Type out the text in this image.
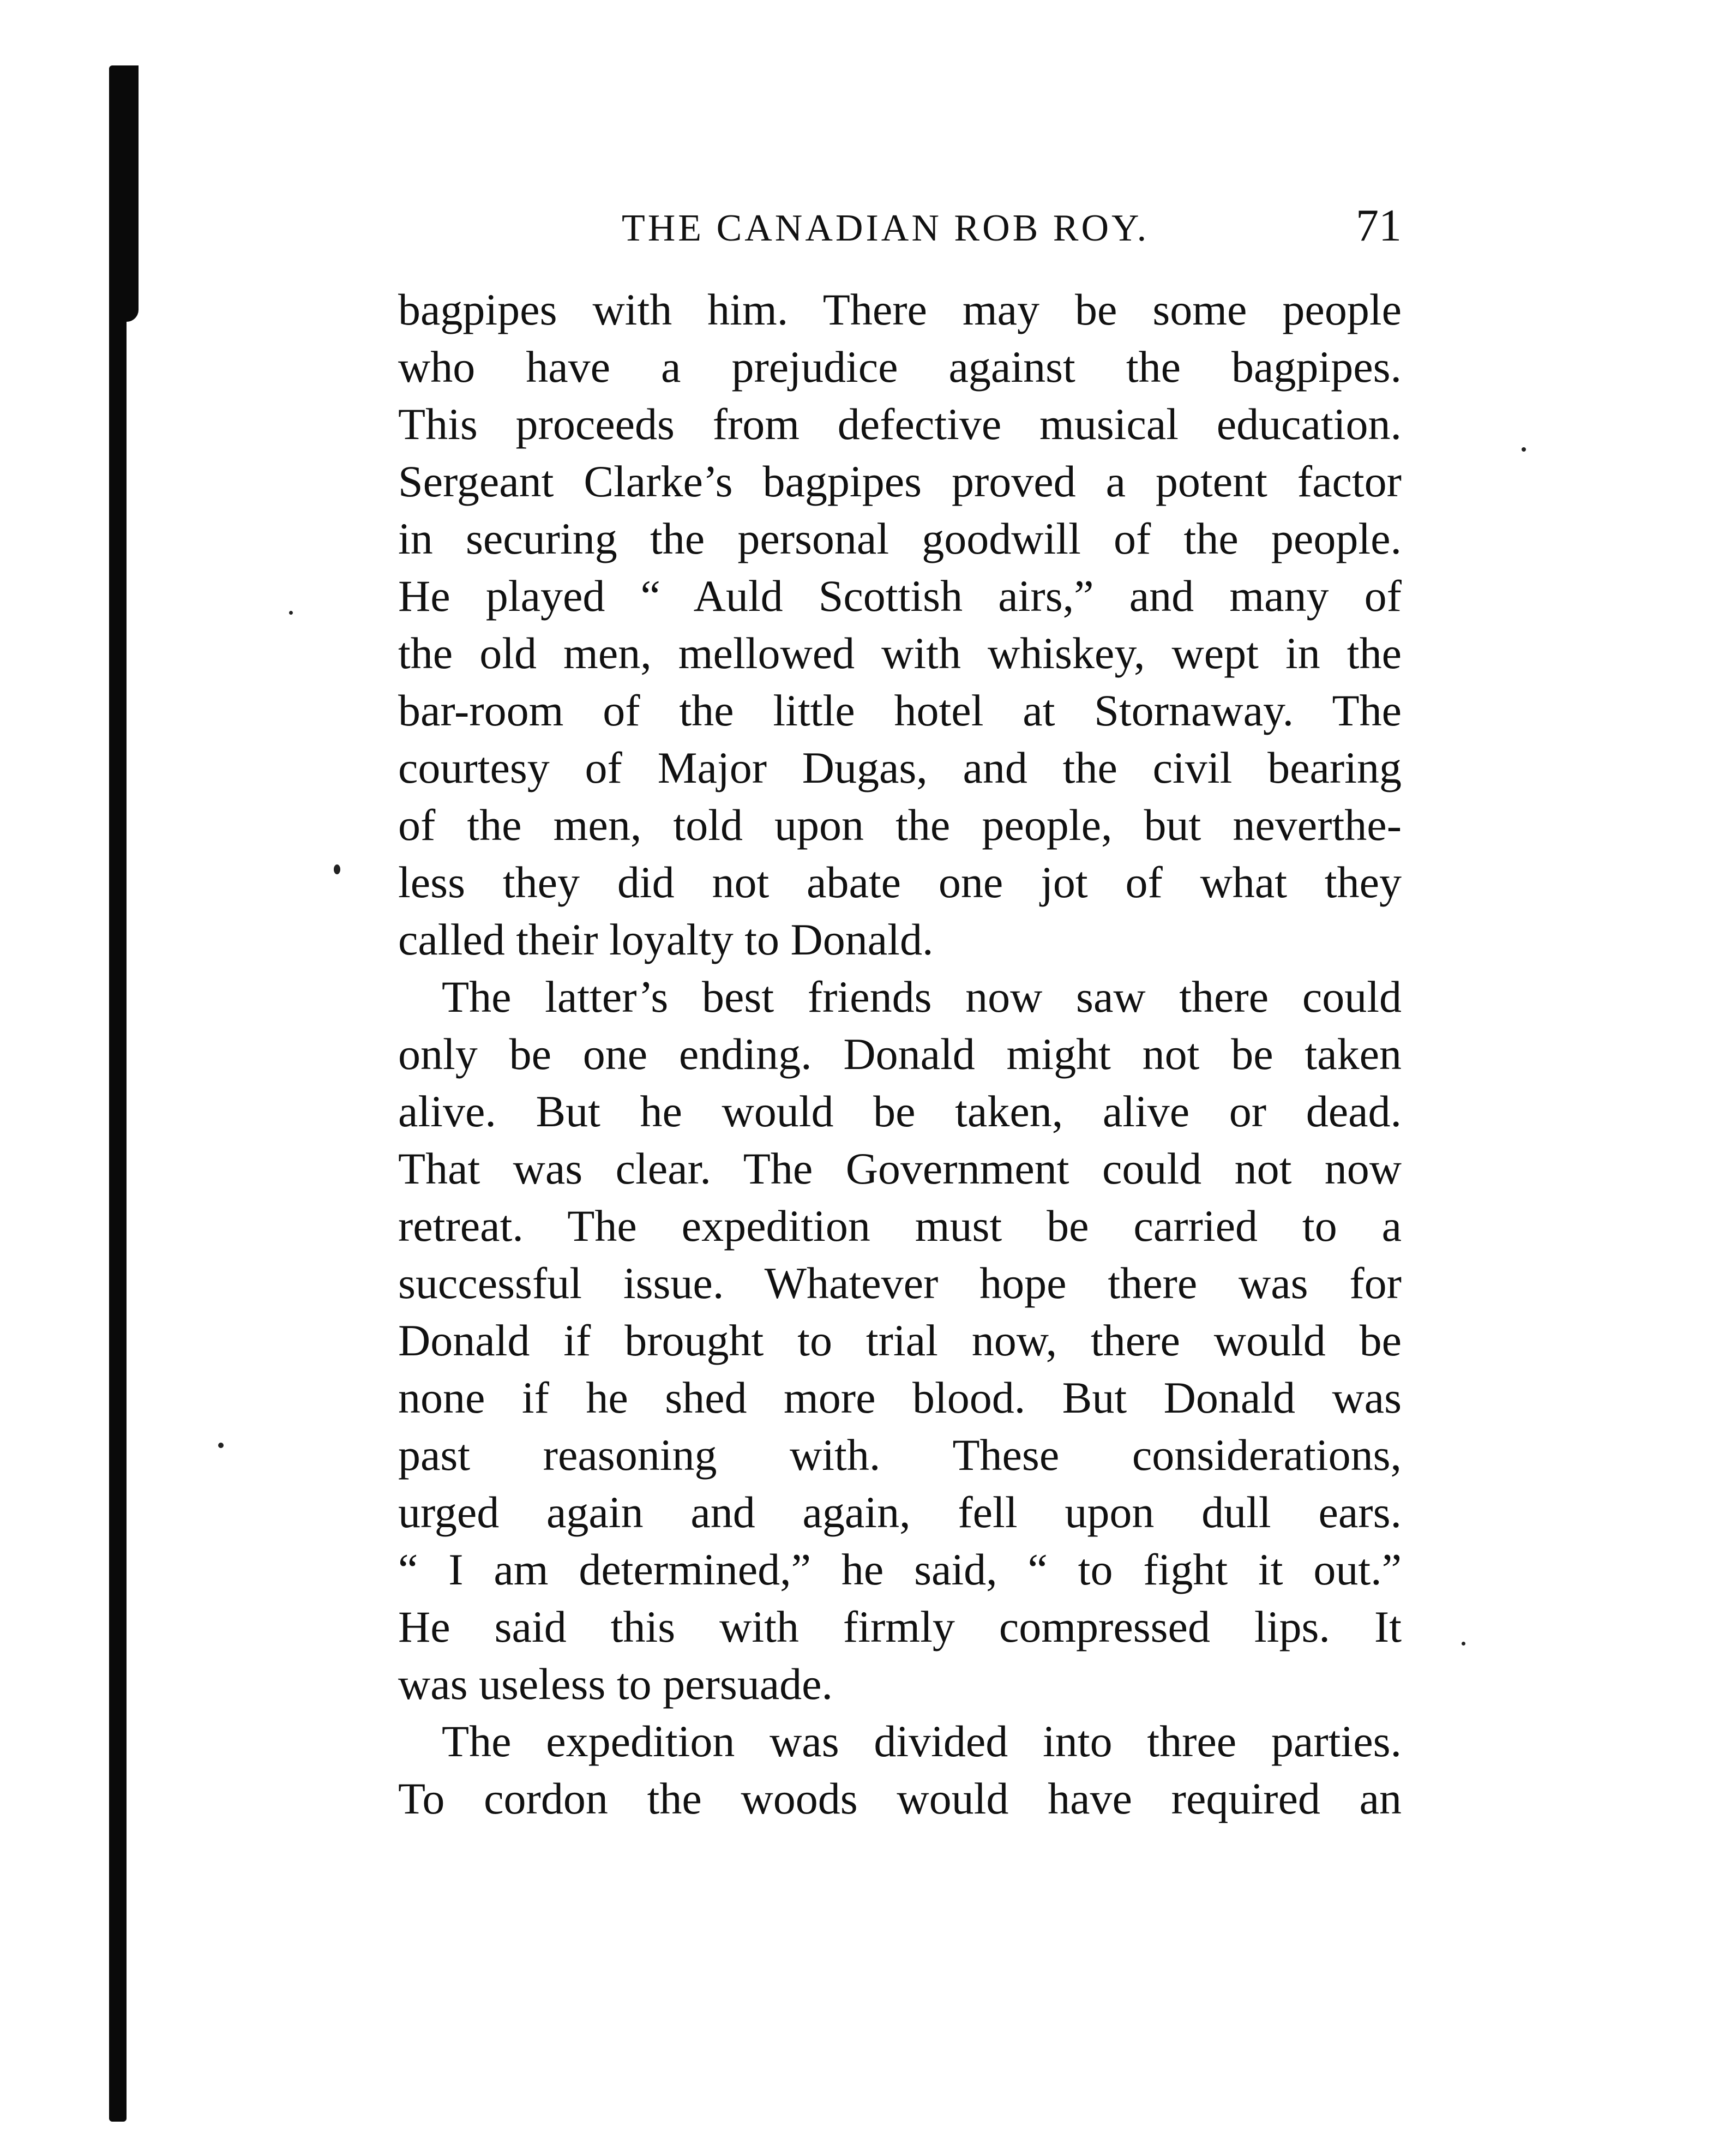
THE CANADIAN ROB ROY.	71
bagpipes with him. There may be some people
who have a prejudice against the bagpipes.
This proceeds from defective musical education.
Sergeant Clarke’s bagpipes proved a potent factor
in securing the personal goodwill of the people.
He played “ Auld Scottish airs,” and many of
the old men, mellowed with whiskey, wept in the
bar-room of the little hotel at Stornaway. The
courtesy of Major Dugas, and the civil bearing
of the men, told upon the people, but neverthe-
less they did not abate one jot of what they
called their loyalty to Donald.
The latter’s best friends now saw there could
only be one ending. Donald might not be taken
alive. But he would be taken, alive or dead.
That was clear. The Government could not now
retreat. The expedition must be carried to a
successful issue. Whatever hope there was for
Donald if brought to trial now, there would be
none if he shed more blood. But Donald was
past reasoning with. These considerations,
urged again and again, fell upon dull ears.
“ I am determined,” he said, “ to fight it out.”
He said this with firmly compressed lips. It
was useless to persuade.
The expedition was divided into three parties.
To cordon the woods would have required an
